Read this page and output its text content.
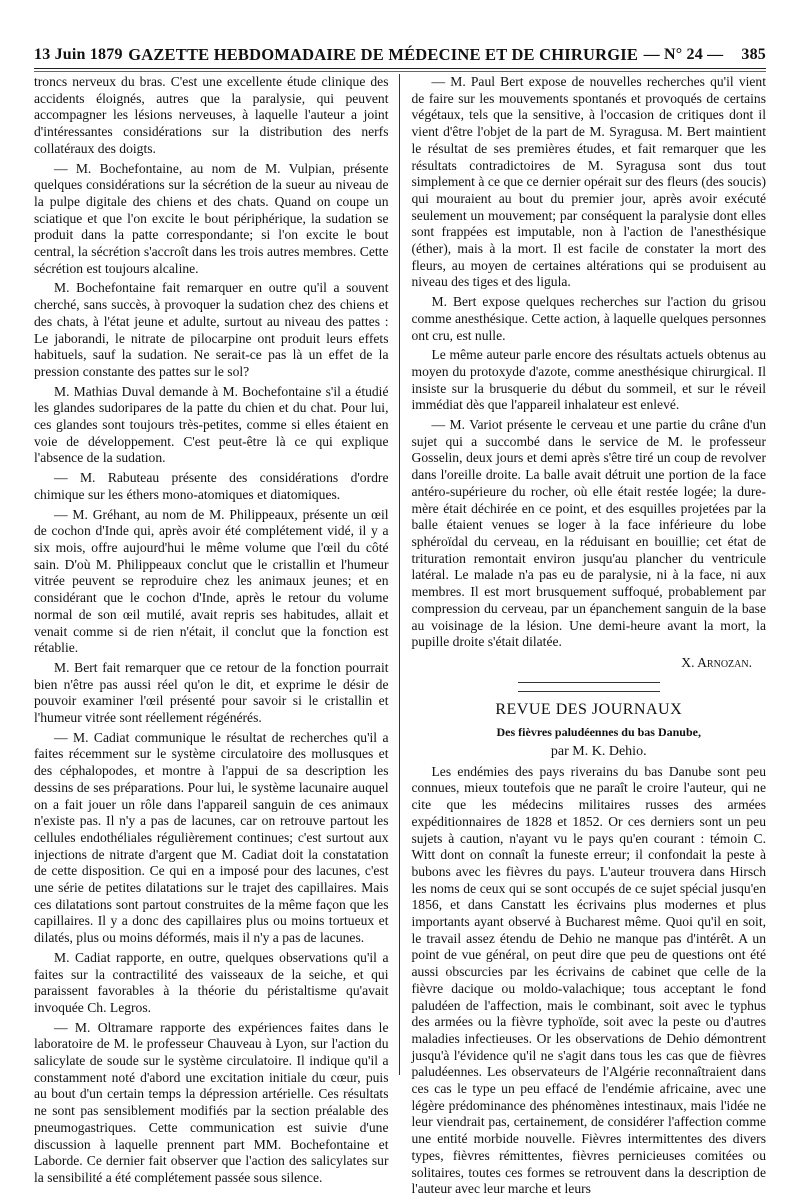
13 Juin 1879 GAZETTE HEBDOMADAIRE DE MÉDECINE ET DE CHIRURGIE — N° 24 — 385

troncs nerveux du bras. C'est une excellente étude clinique des accidents éloignés, autres que la paralysie, qui peuvent accompagner les lésions nerveuses, à laquelle l'auteur a joint d'intéressantes considérations sur la distribution des nerfs collatéraux des doigts.

— M. Bochefontaine, au nom de M. Vulpian, présente quelques considérations sur la sécrétion de la sueur au niveau de la pulpe digitale des chiens et des chats. Quand on coupe un sciatique et que l'on excite le bout périphérique, la sudation se produit dans la patte correspondante; si l'on excite le bout central, la sécrétion s'accroît dans les trois autres membres. Cette sécrétion est toujours alcaline.

M. Bochefontaine fait remarquer en outre qu'il a souvent cherché, sans succès, à provoquer la sudation chez des chiens et des chats, à l'état jeune et adulte, surtout au niveau des pattes : Le jaborandi, le nitrate de pilocarpine ont produit leurs effets habituels, sauf la sudation. Ne serait-ce pas là un effet de la pression constante des pattes sur le sol?

M. Mathias Duval demande à M. Bochefontaine s'il a étudié les glandes sudoripares de la patte du chien et du chat. Pour lui, ces glandes sont toujours très-petites, comme si elles étaient en voie de développement. C'est peut-être là ce qui explique l'absence de la sudation.

— M. Rabuteau présente des considérations d'ordre chimique sur les éthers mono-atomiques et diatomiques.

— M. Gréhant, au nom de M. Philippeaux, présente un œil de cochon d'Inde qui, après avoir été complétement vidé, il y a six mois, offre aujourd'hui le même volume que l'œil du côté sain. D'où M. Philippeaux conclut que le cristallin et l'humeur vitrée peuvent se reproduire chez les animaux jeunes; et en considérant que le cochon d'Inde, après le retour du volume normal de son œil mutilé, avait repris ses habitudes, allait et venait comme si de rien n'était, il conclut que la fonction est rétablie.

M. Bert fait remarquer que ce retour de la fonction pourrait bien n'être pas aussi réel qu'on le dit, et exprime le désir de pouvoir examiner l'œil présenté pour savoir si le cristallin et l'humeur vitrée sont réellement régénérés.

— M. Cadiat communique le résultat de recherches qu'il a faites récemment sur le système circulatoire des mollusques et des céphalopodes, et montre à l'appui de sa description les dessins de ses préparations. Pour lui, le système lacunaire auquel on a fait jouer un rôle dans l'appareil sanguin de ces animaux n'existe pas. Il n'y a pas de lacunes, car on retrouve partout les cellules endothéliales régulièrement continues; c'est surtout aux injections de nitrate d'argent que M. Cadiat doit la constatation de cette disposition. Ce qui en a imposé pour des lacunes, c'est une série de petites dilatations sur le trajet des capillaires. Mais ces dilatations sont partout construites de la même façon que les capillaires. Il y a donc des capillaires plus ou moins tortueux et dilatés, plus ou moins déformés, mais il n'y a pas de lacunes.

M. Cadiat rapporte, en outre, quelques observations qu'il a faites sur la contractilité des vaisseaux de la seiche, et qui paraissent favorables à la théorie du péristaltisme qu'avait invoquée Ch. Legros.

— M. Oltramare rapporte des expériences faites dans le laboratoire de M. le professeur Chauveau à Lyon, sur l'action du salicylate de soude sur le système circulatoire. Il indique qu'il a constamment noté d'abord une excitation initiale du cœur, puis au bout d'un certain temps la dépression artérielle. Ces résultats ne sont pas sensiblement modifiés par la section préalable des pneumogastriques. Cette communication est suivie d'une discussion à laquelle prennent part MM. Bochefontaine et Laborde. Ce dernier fait observer que l'action des salicylates sur la sensibilité a été complétement passée sous silence.

— M. Paul Bert expose de nouvelles recherches qu'il vient de faire sur les mouvements spontanés et provoqués de certains végétaux, tels que la sensitive, à l'occasion de critiques dont il vient d'être l'objet de la part de M. Syragusa. M. Bert maintient le résultat de ses premières études, et fait remarquer que les résultats contradictoires de M. Syragusa sont dus tout simplement à ce que ce dernier opérait sur des fleurs (des soucis) qui mouraient au bout du premier jour, après avoir exécuté seulement un mouvement; par conséquent la paralysie dont elles sont frappées est imputable, non à l'action de l'anesthésique (éther), mais à la mort. Il est facile de constater la mort des fleurs, au moyen de certaines altérations qui se produisent au niveau des tiges et des ligula.

M. Bert expose quelques recherches sur l'action du grisou comme anesthésique. Cette action, à laquelle quelques personnes ont cru, est nulle.

Le même auteur parle encore des résultats actuels obtenus au moyen du protoxyde d'azote, comme anesthésique chirurgical. Il insiste sur la brusquerie du début du sommeil, et sur le réveil immédiat dès que l'appareil inhalateur est enlevé.

— M. Variot présente le cerveau et une partie du crâne d'un sujet qui a succombé dans le service de M. le professeur Gosselin, deux jours et demi après s'être tiré un coup de revolver dans l'oreille droite. La balle avait détruit une portion de la face antéro-supérieure du rocher, où elle était restée logée; la dure-mère était déchirée en ce point, et des esquilles projetées par la balle étaient venues se loger à la face inférieure du lobe sphéroïdal du cerveau, en la réduisant en bouillie; cet état de trituration remontait environ jusqu'au plancher du ventricule latéral. Le malade n'a pas eu de paralysie, ni à la face, ni aux membres. Il est mort brusquement suffoqué, probablement par compression du cerveau, par un épanchement sanguin de la base au voisinage de la lésion. Une demi-heure avant la mort, la pupille droite s'était dilatée.

X. Arnozan.
REVUE DES JOURNAUX

Des fièvres paludéennes du bas Danube,

par M. K. Dehio.

Les endémies des pays riverains du bas Danube sont peu connues, mieux toutefois que ne paraît le croire l'auteur, qui ne cite que les médecins militaires russes des armées expéditionnaires de 1828 et 1852. Or ces derniers sont un peu sujets à caution, n'ayant vu le pays qu'en courant : témoin C. Witt dont on connaît la funeste erreur; il confondait la peste à bubons avec les fièvres du pays. L'auteur trouvera dans Hirsch les noms de ceux qui se sont occupés de ce sujet spécial jusqu'en 1856, et dans Canstatt les écrivains plus modernes et plus importants ayant observé à Bucharest même. Quoi qu'il en soit, le travail assez étendu de Dehio ne manque pas d'intérêt. A un point de vue général, on peut dire que peu de questions ont été aussi obscurcies par les écrivains de cabinet que celle de la fièvre dacique ou moldo-valachique; tous acceptant le fond paludéen de l'affection, mais le combinant, soit avec le typhus des armées ou la fièvre typhoïde, soit avec la peste ou d'autres maladies infectieuses. Or les observations de Dehio démontrent jusqu'à l'évidence qu'il ne s'agit dans tous les cas que de fièvres paludéennes. Les observateurs de l'Algérie reconnaîtraient dans ces cas le type un peu effacé de l'endémie africaine, avec une légère prédominance des phénomènes intestinaux, mais l'idée ne leur viendrait pas, certainement, de considérer l'affection comme une entité morbide nouvelle. Fièvres intermittentes des divers types, fièvres rémittentes, fièvres pernicieuses comitées ou solitaires, toutes ces formes se retrouvent dans la description de l'auteur avec leur marche et leurs
